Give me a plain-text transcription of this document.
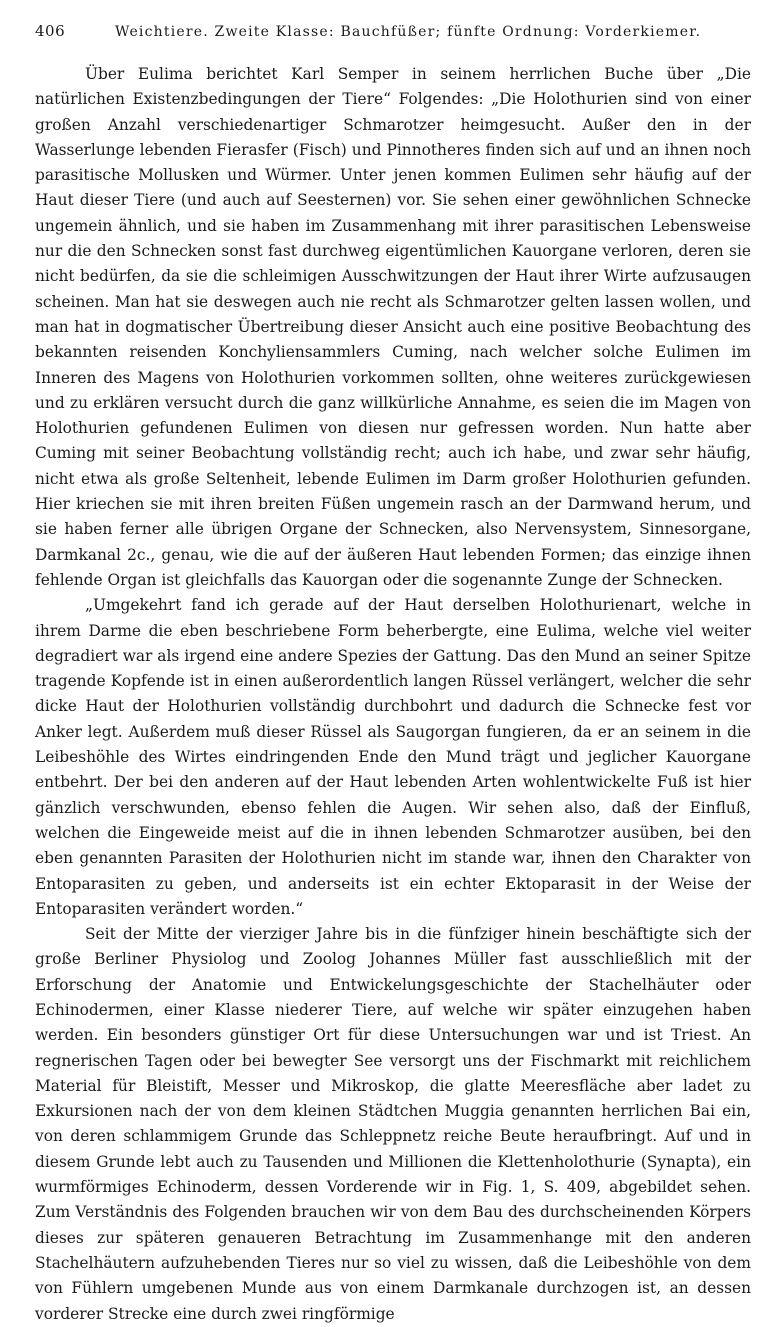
406	Weichtiere. Zweite Klasse: Bauchfüßer; fünfte Ordnung: Vorderkiemer.

Über Eulima berichtet Karl Semper in seinem herrlichen Buche über „Die natürlichen Existenzbedingungen der Tiere“ Folgendes: „Die Holothurien sind von einer großen Anzahl verschiedenartiger Schmarotzer heimgesucht. Außer den in der Wasserlunge lebenden Fierasfer (Fisch) und Pinnotheres finden sich auf und an ihnen noch parasitische Mollusken und Würmer. Unter jenen kommen Eulimen sehr häufig auf der Haut dieser Tiere (und auch auf Seesternen) vor. Sie sehen einer gewöhnlichen Schnecke ungemein ähnlich, und sie haben im Zusammenhang mit ihrer parasitischen Lebensweise nur die den Schnecken sonst fast durchweg eigentümlichen Kauorgane verloren, deren sie nicht bedürfen, da sie die schleimigen Ausschwitzungen der Haut ihrer Wirte aufzusaugen scheinen. Man hat sie deswegen auch nie recht als Schmarotzer gelten lassen wollen, und man hat in dogmatischer Übertreibung dieser Ansicht auch eine positive Beobachtung des bekannten reisenden Konchyliensammlers Cuming, nach welcher solche Eulimen im Inneren des Magens von Holothurien vorkommen sollten, ohne weiteres zurückgewiesen und zu erklären versucht durch die ganz willkürliche Annahme, es seien die im Magen von Holothurien gefundenen Eulimen von diesen nur gefressen worden. Nun hatte aber Cuming mit seiner Beobachtung vollständig recht; auch ich habe, und zwar sehr häufig, nicht etwa als große Seltenheit, lebende Eulimen im Darm großer Holothurien gefunden. Hier kriechen sie mit ihren breiten Füßen ungemein rasch an der Darmwand herum, und sie haben ferner alle übrigen Organe der Schnecken, also Nervensystem, Sinnesorgane, Darmkanal 2c., genau, wie die auf der äußeren Haut lebenden Formen; das einzige ihnen fehlende Organ ist gleichfalls das Kauorgan oder die sogenannte Zunge der Schnecken.

„Umgekehrt fand ich gerade auf der Haut derselben Holothurienart, welche in ihrem Darme die eben beschriebene Form beherbergte, eine Eulima, welche viel weiter degradiert war als irgend eine andere Spezies der Gattung. Das den Mund an seiner Spitze tragende Kopfende ist in einen außerordentlich langen Rüssel verlängert, welcher die sehr dicke Haut der Holothurien vollständig durchbohrt und dadurch die Schnecke fest vor Anker legt. Außerdem muß dieser Rüssel als Saugorgan fungieren, da er an seinem in die Leibeshöhle des Wirtes eindringenden Ende den Mund trägt und jeglicher Kauorgane entbehrt. Der bei den anderen auf der Haut lebenden Arten wohlentwickelte Fuß ist hier gänzlich verschwunden, ebenso fehlen die Augen. Wir sehen also, daß der Einfluß, welchen die Eingeweide meist auf die in ihnen lebenden Schmarotzer ausüben, bei den eben genannten Parasiten der Holothurien nicht im stande war, ihnen den Charakter von Entoparasiten zu geben, und anderseits ist ein echter Ektoparasit in der Weise der Entoparasiten verändert worden.“

Seit der Mitte der vierziger Jahre bis in die fünfziger hinein beschäftigte sich der große Berliner Physiolog und Zoolog Johannes Müller fast ausschließlich mit der Erforschung der Anatomie und Entwickelungsgeschichte der Stachelhäuter oder Echinodermen, einer Klasse niederer Tiere, auf welche wir später einzugehen haben werden. Ein besonders günstiger Ort für diese Untersuchungen war und ist Triest. An regnerischen Tagen oder bei bewegter See versorgt uns der Fischmarkt mit reichlichem Material für Bleistift, Messer und Mikroskop, die glatte Meeresfläche aber ladet zu Exkursionen nach der von dem kleinen Städtchen Muggia genannten herrlichen Bai ein, von deren schlammigem Grunde das Schleppnetz reiche Beute heraufbringt. Auf und in diesem Grunde lebt auch zu Tausenden und Millionen die Klettenholothurie (Synapta), ein wurmförmiges Echinoderm, dessen Vorderende wir in Fig. 1, S. 409, abgebildet sehen. Zum Verständnis des Folgenden brauchen wir von dem Bau des durchscheinenden Körpers dieses zur späteren genaueren Betrachtung im Zusammenhange mit den anderen Stachelhäutern aufzuhebenden Tieres nur so viel zu wissen, daß die Leibeshöhle von dem von Fühlern umgebenen Munde aus von einem Darmkanale durchzogen ist, an dessen vorderer Strecke eine durch zwei ringförmige
